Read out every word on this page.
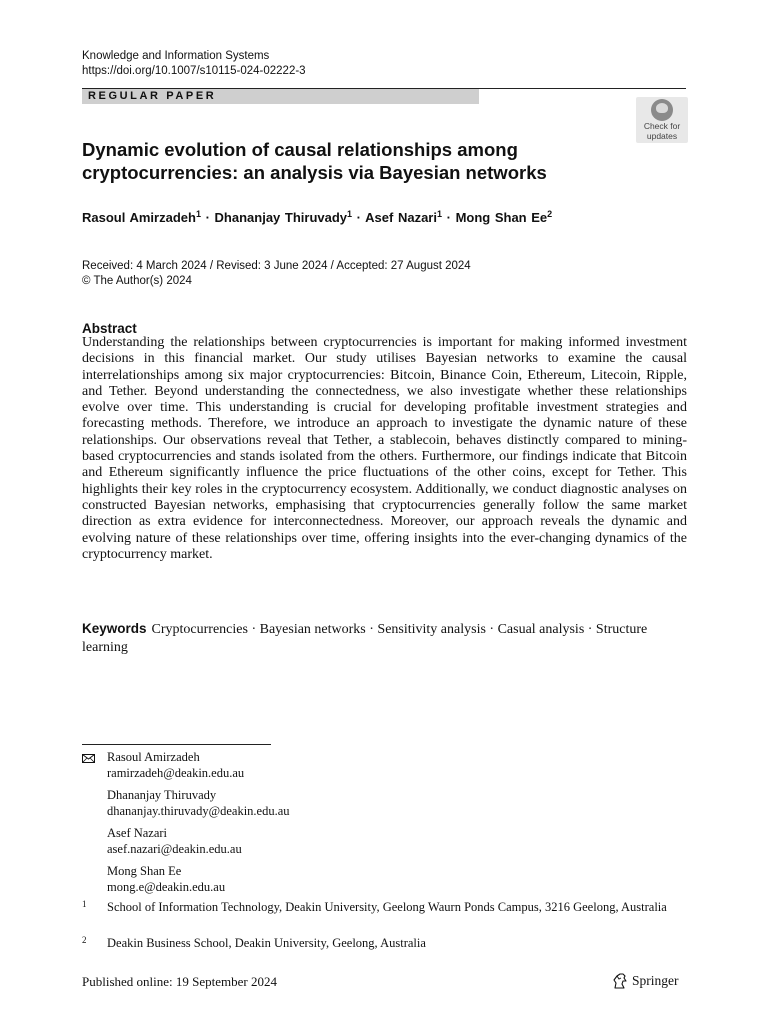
Knowledge and Information Systems
https://doi.org/10.1007/s10115-024-02222-3
REGULAR PAPER
Check for
updates
Dynamic evolution of causal relationships among cryptocurrencies: an analysis via Bayesian networks
Rasoul Amirzadeh$^1$ · Dhananjay Thiruvady$^1$ · Asef Nazari$^1$ · Mong Shan Ee$^2$
Received: 4 March 2024 / Revised: 3 June 2024 / Accepted: 27 August 2024
© The Author(s) 2024
Abstract
Understanding the relationships between cryptocurrencies is important for making informed investment decisions in this financial market. Our study utilises Bayesian networks to examine the causal interrelationships among six major cryptocurrencies: Bitcoin, Binance Coin, Ethereum, Litecoin, Ripple, and Tether. Beyond understanding the connectedness, we also investigate whether these relationships evolve over time. This understanding is crucial for developing profitable investment strategies and forecasting methods. Therefore, we introduce an approach to investigate the dynamic nature of these relationships. Our observations reveal that Tether, a stablecoin, behaves distinctly compared to mining-based cryptocurrencies and stands isolated from the others. Furthermore, our findings indicate that Bitcoin and Ethereum significantly influence the price fluctuations of the other coins, except for Tether. This highlights their key roles in the cryptocurrency ecosystem. Additionally, we conduct diagnostic analyses on constructed Bayesian networks, emphasising that cryptocurrencies generally follow the same market direction as extra evidence for interconnectedness. Moreover, our approach reveals the dynamic and evolving nature of these relationships over time, offering insights into the ever-changing dynamics of the cryptocurrency market.
Keywords Cryptocurrencies · Bayesian networks · Sensitivity analysis · Casual analysis · Structure learning
Rasoul Amirzadeh
ramirzadeh@deakin.edu.au
Dhananjay Thiruvady
dhananjay.thiruvady@deakin.edu.au
Asef Nazari
asef.nazari@deakin.edu.au
Mong Shan Ee
mong.e@deakin.edu.au
1 School of Information Technology, Deakin University, Geelong Waurn Ponds Campus, 3216 Geelong, Australia
2 Deakin Business School, Deakin University, Geelong, Australia
Published online: 19 September 2024	Springer
